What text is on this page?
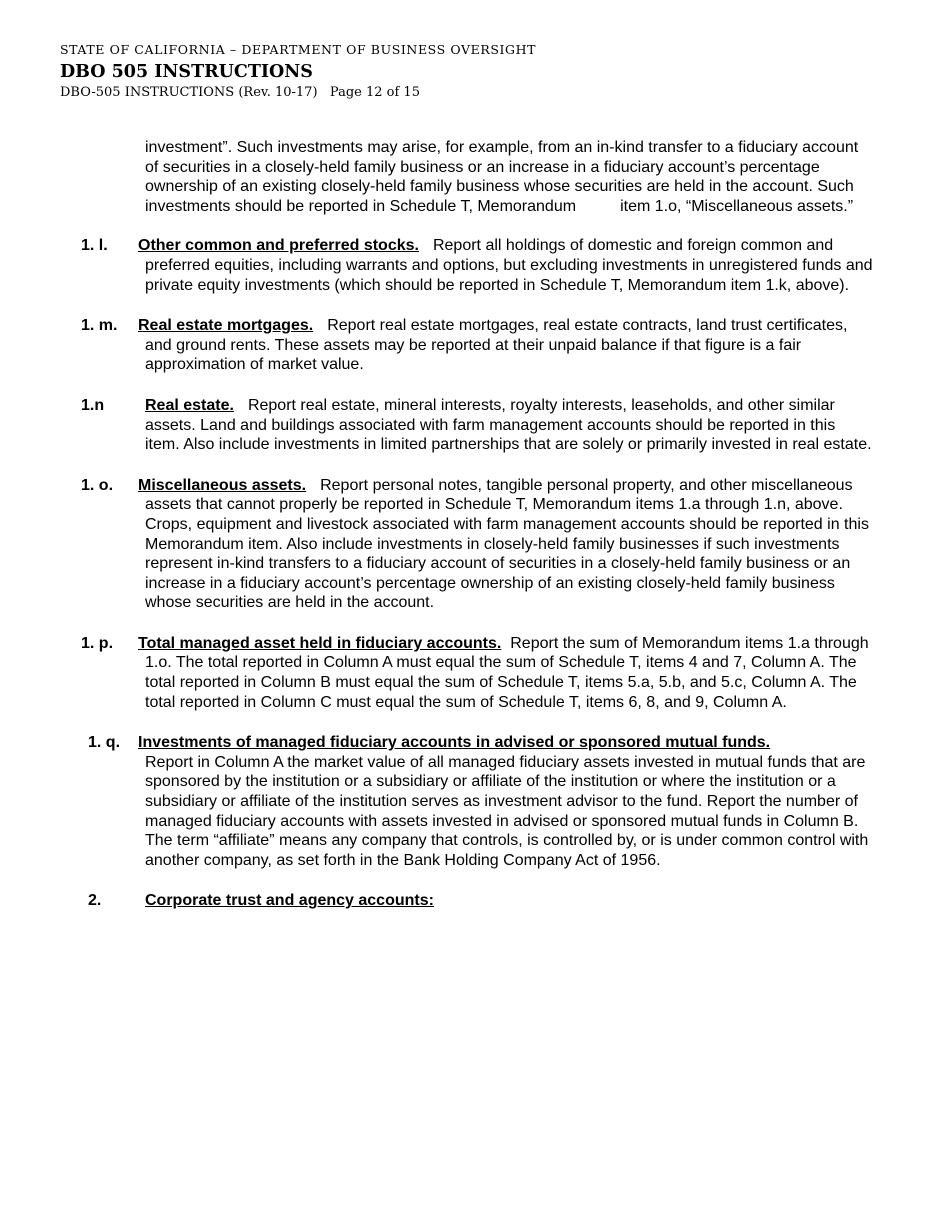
STATE OF CALIFORNIA – DEPARTMENT OF BUSINESS OVERSIGHT
DBO 505 INSTRUCTIONS
DBO-505 INSTRUCTIONS (Rev. 10-17) Page 12 of 15
investment”. Such investments may arise, for example, from an in-kind transfer to a fiduciary account of securities in a closely-held family business or an increase in a fiduciary account’s percentage ownership of an existing closely-held family business whose securities are held in the account. Such investments should be reported in Schedule T, Memorandum	item 1.o, “Miscellaneous assets.”
1. l. Other common and preferred stocks. Report all holdings of domestic and foreign common and preferred equities, including warrants and options, but excluding investments in unregistered funds and private equity investments (which should be reported in Schedule T, Memorandum item 1.k, above).
1. m. Real estate mortgages. Report real estate mortgages, real estate contracts, land trust certificates, and ground rents. These assets may be reported at their unpaid balance if that figure is a fair approximation of market value.
1.n	Real estate. Report real estate, mineral interests, royalty interests, leaseholds, and other similar assets. Land and buildings associated with farm management accounts should be reported in this item. Also include investments in limited partnerships that are solely or primarily invested in real estate.
1. o. Miscellaneous assets. Report personal notes, tangible personal property, and other miscellaneous assets that cannot properly be reported in Schedule T, Memorandum items 1.a through 1.n, above. Crops, equipment and livestock associated with farm management accounts should be reported in this Memorandum item. Also include investments in closely-held family businesses if such investments represent in-kind transfers to a fiduciary account of securities in a closely-held family business or an increase in a fiduciary account’s percentage ownership of an existing closely-held family business whose securities are held in the account.
1. p. Total managed asset held in fiduciary accounts. Report the sum of Memorandum items 1.a through 1.o. The total reported in Column A must equal the sum of Schedule T, items 4 and 7, Column A. The total reported in Column B must equal the sum of Schedule T, items 5.a, 5.b, and 5.c, Column A. The total reported in Column C must equal the sum of Schedule T, items 6, 8, and 9, Column A.
1. q. Investments of managed fiduciary accounts in advised or sponsored mutual funds.
Report in Column A the market value of all managed fiduciary assets invested in mutual funds that are sponsored by the institution or a subsidiary or affiliate of the institution or where the institution or a subsidiary or affiliate of the institution serves as investment advisor to the fund. Report the number of managed fiduciary accounts with assets invested in advised or sponsored mutual funds in Column B. The term “affiliate” means any company that controls, is controlled by, or is under common control with another company, as set forth in the Bank Holding Company Act of 1956.
2.	Corporate trust and agency accounts:
